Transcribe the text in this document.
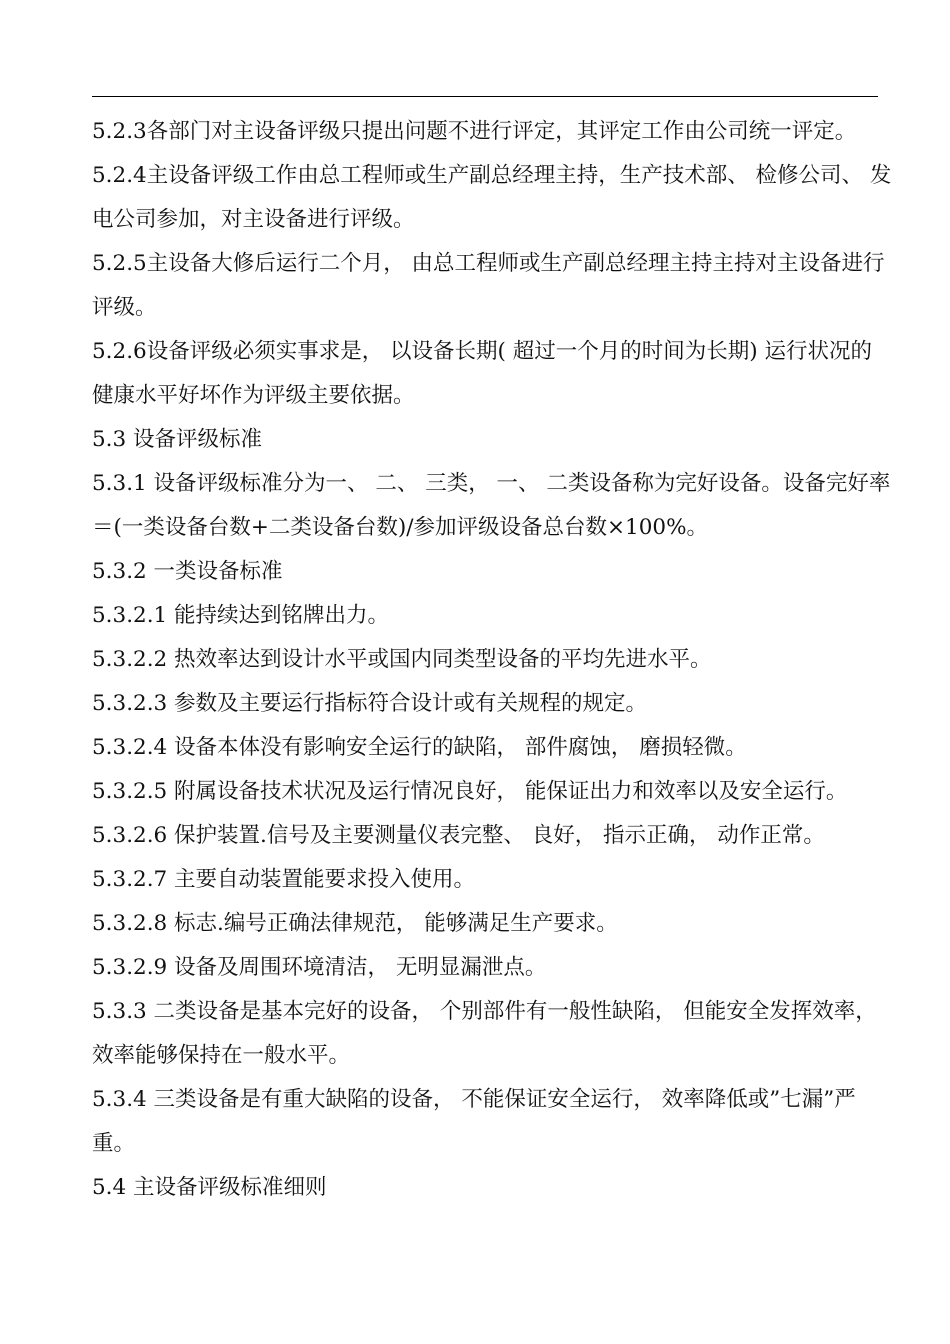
5.2.3各部门对主设备评级只提出问题不进行评定，其评定工作由公司统一评定。

5.2.4主设备评级工作由总工程师或生产副总经理主持，生产技术部、 检修公司、 发电公司参加，对主设备进行评级。

5.2.5主设备大修后运行二个月， 由总工程师或生产副总经理主持主持对主设备进行评级。

5.2.6设备评级必须实事求是， 以设备长期( 超过一个月的时间为长期) 运行状况的健康水平好坏作为评级主要依据。

5.3 设备评级标准

5.3.1 设备评级标准分为一、 二、 三类， 一、 二类设备称为完好设备。设备完好率＝(一类设备台数+二类设备台数)/参加评级设备总台数×100%。

5.3.2 一类设备标准

5.3.2.1 能持续达到铭牌出力。

5.3.2.2 热效率达到设计水平或国内同类型设备的平均先进水平。

5.3.2.3 参数及主要运行指标符合设计或有关规程的规定。

5.3.2.4 设备本体没有影响安全运行的缺陷， 部件腐蚀， 磨损轻微。

5.3.2.5 附属设备技术状况及运行情况良好， 能保证出力和效率以及安全运行。

5.3.2.6 保护装置.信号及主要测量仪表完整、 良好， 指示正确， 动作正常。

5.3.2.7 主要自动装置能要求投入使用。

5.3.2.8 标志.编号正确法律规范， 能够满足生产要求。

5.3.2.9 设备及周围环境清洁， 无明显漏泄点。

5.3.3 二类设备是基本完好的设备， 个别部件有一般性缺陷， 但能安全发挥效率， 效率能够保持在一般水平。

5.3.4 三类设备是有重大缺陷的设备， 不能保证安全运行， 效率降低或”七漏”严重。

5.4 主设备评级标准细则
